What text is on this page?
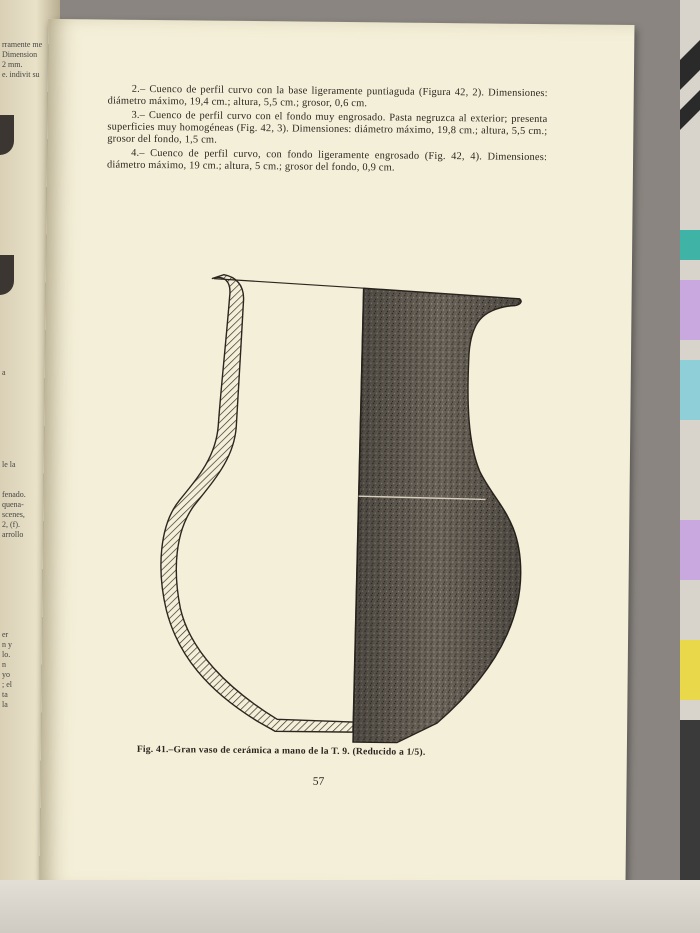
rramente me
Dimension
2 mm.
e. indivit su
a
le la
fenado.
quena-
scenes,
2, (f).
arrollo
er
n y
lo.
n
yo
; el
ta
la

2.– Cuenco de perfil curvo con la base ligeramente puntiaguda (Figura 42, 2). Dimensiones: diámetro máximo, 19,4 cm.; altura, 5,5 cm.; grosor, 0,6 cm.

3.– Cuenco de perfil curvo con el fondo muy engrosado. Pasta negruzca al exterior; presenta superficies muy homogéneas (Fig. 42, 3). Dimensiones: diámetro máximo, 19,8 cm.; altura, 5,5 cm.; grosor del fondo, 1,5 cm.

4.– Cuenco de perfil curvo, con fondo ligeramente engrosado (Fig. 42, 4). Dimensiones: diámetro máximo, 19 cm.; altura, 5 cm.; grosor del fondo, 0,9 cm.

Fig. 41.–Gran vaso de cerámica a mano de la T. 9. (Reducido a 1/5).
57
